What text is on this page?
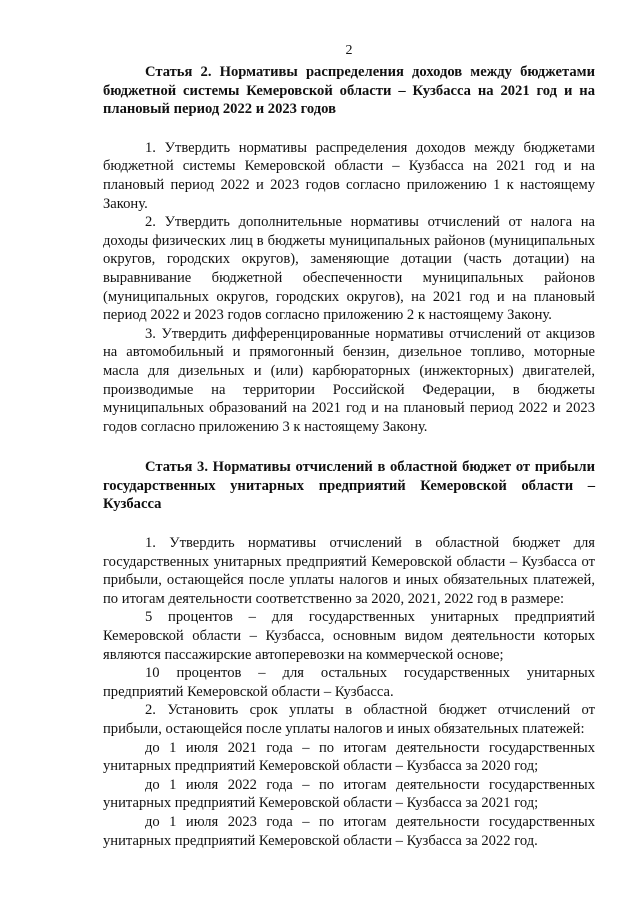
2

Статья 2. Нормативы распределения доходов между бюджетами бюджетной системы Кемеровской области – Кузбасса на 2021 год и на плановый период 2022 и 2023 годов

1. Утвердить нормативы распределения доходов между бюджетами бюджетной системы Кемеровской области – Кузбасса на 2021 год и на плановый период 2022 и 2023 годов согласно приложению 1 к настоящему Закону.

2. Утвердить дополнительные нормативы отчислений от налога на доходы физических лиц в бюджеты муниципальных районов (муниципальных округов, городских округов), заменяющие дотации (часть дотации) на выравнивание бюджетной обеспеченности муниципальных районов (муниципальных округов, городских округов), на 2021 год и на плановый период 2022 и 2023 годов согласно приложению 2 к настоящему Закону.

3. Утвердить дифференцированные нормативы отчислений от акцизов на автомобильный и прямогонный бензин, дизельное топливо, моторные масла для дизельных и (или) карбюраторных (инжекторных) двигателей, производимые на территории Российской Федерации, в бюджеты муниципальных образований на 2021 год и на плановый период 2022 и 2023 годов согласно приложению 3 к настоящему Закону.

Статья 3. Нормативы отчислений в областной бюджет от прибыли государственных унитарных предприятий Кемеровской области – Кузбасса

1. Утвердить нормативы отчислений в областной бюджет для государственных унитарных предприятий Кемеровской области – Кузбасса от прибыли, остающейся после уплаты налогов и иных обязательных платежей, по итогам деятельности соответственно за 2020, 2021, 2022 год в размере:

5 процентов – для государственных унитарных предприятий Кемеровской области – Кузбасса, основным видом деятельности которых являются пассажирские автоперевозки на коммерческой основе;

10 процентов – для остальных государственных унитарных предприятий Кемеровской области – Кузбасса.

2. Установить срок уплаты в областной бюджет отчислений от прибыли, остающейся после уплаты налогов и иных обязательных платежей:

до 1 июля 2021 года – по итогам деятельности государственных унитарных предприятий Кемеровской области – Кузбасса за 2020 год;

до 1 июля 2022 года – по итогам деятельности государственных унитарных предприятий Кемеровской области – Кузбасса за 2021 год;

до 1 июля 2023 года – по итогам деятельности государственных унитарных предприятий Кемеровской области – Кузбасса за 2022 год.
